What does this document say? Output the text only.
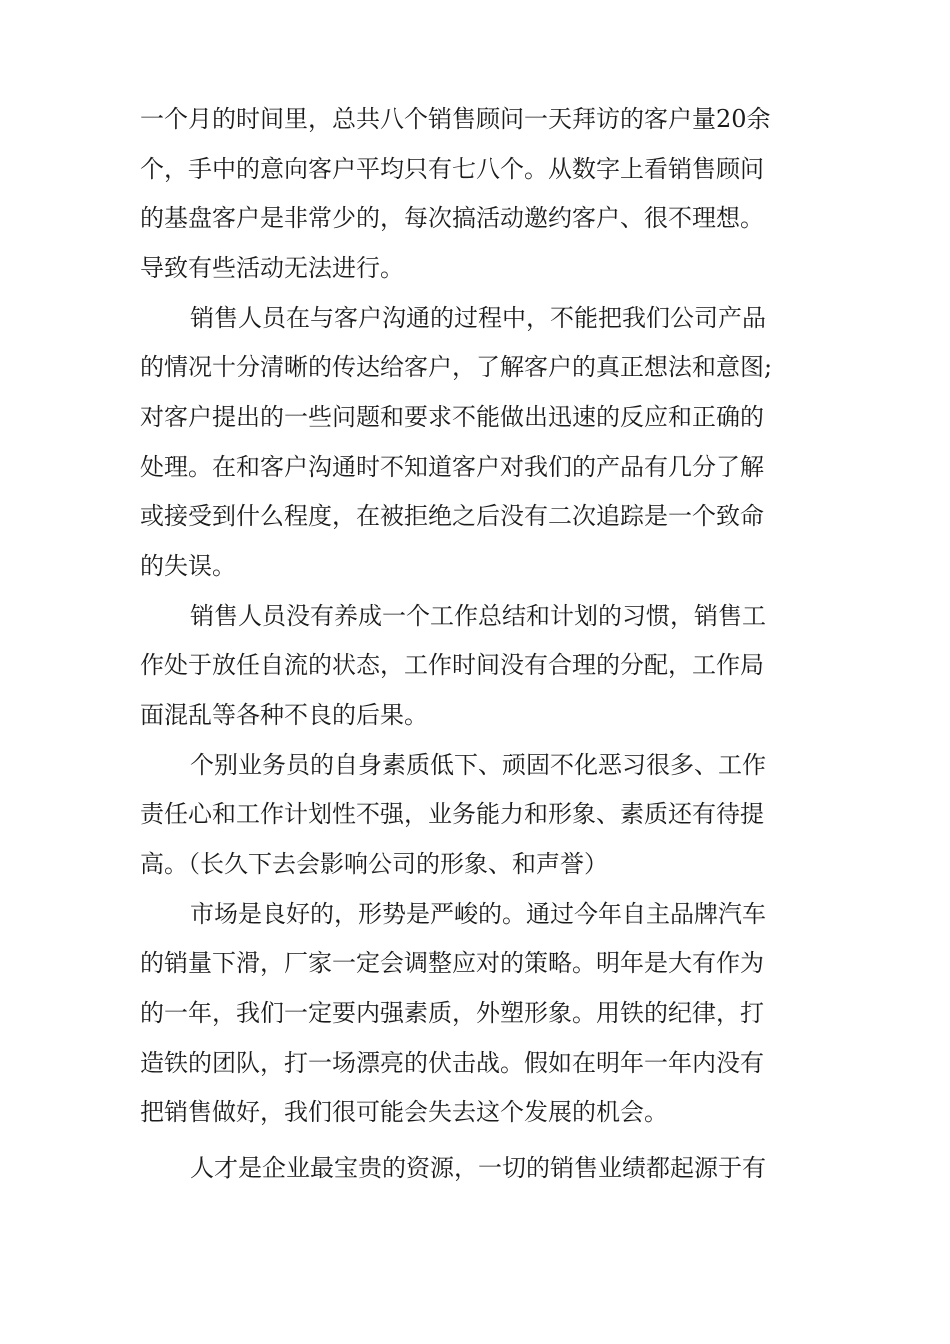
一个月的时间里，总共八个销售顾问一天拜访的客户量20余

个，手中的意向客户平均只有七八个。从数字上看销售顾问

的基盘客户是非常少的，每次搞活动邀约客户、很不理想。

导致有些活动无法进行。

销售人员在与客户沟通的过程中，不能把我们公司产品

的情况十分清晰的传达给客户，了解客户的真正想法和意图;

对客户提出的一些问题和要求不能做出迅速的反应和正确的

处理。在和客户沟通时不知道客户对我们的产品有几分了解

或接受到什么程度，在被拒绝之后没有二次追踪是一个致命

的失误。

销售人员没有养成一个工作总结和计划的习惯，销售工

作处于放任自流的状态，工作时间没有合理的分配，工作局

面混乱等各种不良的后果。

个别业务员的自身素质低下、顽固不化恶习很多、工作

责任心和工作计划性不强，业务能力和形象、素质还有待提

高。（长久下去会影响公司的形象、和声誉）

市场是良好的，形势是严峻的。通过今年自主品牌汽车

的销量下滑，厂家一定会调整应对的策略。明年是大有作为

的一年，我们一定要内强素质，外塑形象。用铁的纪律，打

造铁的团队，打一场漂亮的伏击战。假如在明年一年内没有

把销售做好，我们很可能会失去这个发展的机会。

人才是企业最宝贵的资源，一切的销售业绩都起源于有
